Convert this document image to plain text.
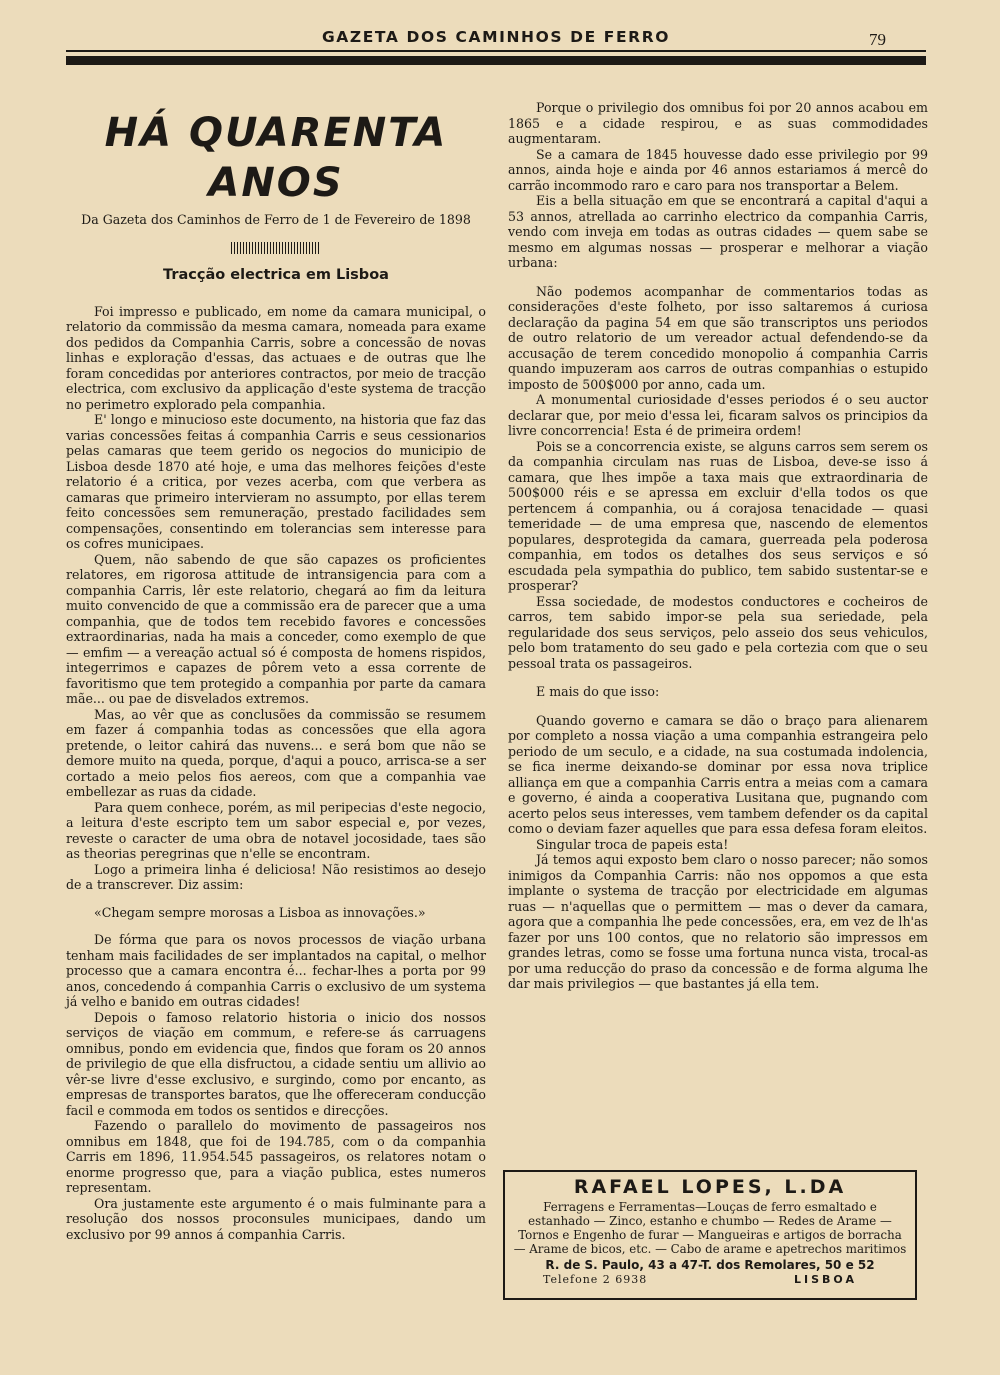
GAZETA DOS CAMINHOS DE FERRO	79
HÁ QUARENTA ANOS
Da Gazeta dos Caminhos de Ferro de 1 de Fevereiro de 1898
Tracção electrica em Lisboa

Foi impresso e publicado, em nome da camara municipal, o relatorio da commissão da mesma camara, nomeada para exame dos pedidos da Companhia Carris, sobre a concessão de novas linhas e exploração d'essas, das actuaes e de outras que lhe foram concedidas por anteriores contractos, por meio de tracção electrica, com exclusivo da applicação d'este systema de tracção no perimetro explorado pela companhia.

E' longo e minucioso este documento, na historia que faz das varias concessões feitas á companhia Carris e seus cessionarios pelas camaras que teem gerido os negocios do municipio de Lisboa desde 1870 até hoje, e uma das melhores feições d'este relatorio é a critica, por vezes acerba, com que verbera as camaras que primeiro intervieram no assumpto, por ellas terem feito concessões sem remuneração, prestado facilidades sem compensações, consentindo em tolerancias sem interesse para os cofres municipaes.

Quem, não sabendo de que são capazes os proficientes relatores, em rigorosa attitude de intransigencia para com a companhia Carris, lêr este relatorio, chegará ao fim da leitura muito convencido de que a commissão era de parecer que a uma companhia, que de todos tem recebido favores e concessões extraordinarias, nada ha mais a conceder, como exemplo de que — emfim — a vereação actual só é composta de homens rispidos, integerrimos e capazes de pôrem veto a essa corrente de favoritismo que tem protegido a companhia por parte da camara mãe... ou pae de disvelados extremos.

Mas, ao vêr que as conclusões da commissão se resumem em fazer á companhia todas as concessões que ella agora pretende, o leitor cahirá das nuvens... e será bom que não se demore muito na queda, porque, d'aqui a pouco, arrisca-se a ser cortado a meio pelos fios aereos, com que a companhia vae embellezar as ruas da cidade.

Para quem conhece, porém, as mil peripecias d'este negocio, a leitura d'este escripto tem um sabor especial e, por vezes, reveste o caracter de uma obra de notavel jocosidade, taes são as theorias peregrinas que n'elle se encontram.

Logo a primeira linha é deliciosa! Não resistimos ao desejo de a transcrever. Diz assim:

«Chegam sempre morosas a Lisboa as innovações.»

De fórma que para os novos processos de viação urbana tenham mais facilidades de ser implantados na capital, o melhor processo que a camara encontra é... fechar-lhes a porta por 99 anos, concedendo á companhia Carris o exclusivo de um systema já velho e banido em outras cidades!

Depois o famoso relatorio historia o inicio dos nossos serviços de viação em commum, e refere-se ás carruagens omnibus, pondo em evidencia que, findos que foram os 20 annos de privilegio de que ella disfructou, a cidade sentiu um allivio ao vêr-se livre d'esse exclusivo, e surgindo, como por encanto, as empresas de transportes baratos, que lhe offereceram conducção facil e commoda em todos os sentidos e direcções.

Fazendo o parallelo do movimento de passageiros nos omnibus em 1848, que foi de 194.785, com o da companhia Carris em 1896, 11.954.545 passageiros, os relatores notam o enorme progresso que, para a viação publica, estes numeros representam.

Ora justamente este argumento é o mais fulminante para a resolução dos nossos proconsules municipaes, dando um exclusivo por 99 annos á companhia Carris.

Porque o privilegio dos omnibus foi por 20 annos acabou em 1865 e a cidade respirou, e as suas commodidades augmentaram.

Se a camara de 1845 houvesse dado esse privilegio por 99 annos, ainda hoje e ainda por 46 annos estariamos á mercê do carrão incommodo raro e caro para nos transportar a Belem.

Eis a bella situação em que se encontrará a capital d'aqui a 53 annos, atrellada ao carrinho electrico da companhia Carris, vendo com inveja em todas as outras cidades — quem sabe se mesmo em algumas nossas — prosperar e melhorar a viação urbana:

Não podemos acompanhar de commentarios todas as considerações d'este folheto, por isso saltaremos á curiosa declaração da pagina 54 em que são transcriptos uns periodos de outro relatorio de um vereador actual defendendo-se da accusação de terem concedido monopolio á companhia Carris quando impuzeram aos carros de outras companhias o estupido imposto de 500$000 por anno, cada um.

A monumental curiosidade d'esses periodos é o seu auctor declarar que, por meio d'essa lei, ficaram salvos os principios da livre concorrencia! Esta é de primeira ordem!

Pois se a concorrencia existe, se alguns carros sem serem os da companhia circulam nas ruas de Lisboa, deve-se isso á camara, que lhes impõe a taxa mais que extraordinaria de 500$000 réis e se apressa em excluir d'ella todos os que pertencem á companhia, ou á corajosa tenacidade — quasi temeridade — de uma empresa que, nascendo de elementos populares, desprotegida da camara, guerreada pela poderosa companhia, em todos os detalhes dos seus serviços e só escudada pela sympathia do publico, tem sabido sustentar-se e prosperar?

Essa sociedade, de modestos conductores e cocheiros de carros, tem sabido impor-se pela sua seriedade, pela regularidade dos seus serviços, pelo asseio dos seus vehiculos, pelo bom tratamento do seu gado e pela cortezia com que o seu pessoal trata os passageiros.

E mais do que isso:

Quando governo e camara se dão o braço para alienarem por completo a nossa viação a uma companhia estrangeira pelo periodo de um seculo, e a cidade, na sua costumada indolencia, se fica inerme deixando-se dominar por essa nova triplice alliança em que a companhia Carris entra a meias com a camara e governo, é ainda a cooperativa Lusitana que, pugnando com acerto pelos seus interesses, vem tambem defender os da capital como o deviam fazer aquelles que para essa defesa foram eleitos.

Singular troca de papeis esta!

Já temos aqui exposto bem claro o nosso parecer; não somos inimigos da Companhia Carris: não nos oppomos a que esta implante o systema de tracção por electricidade em algumas ruas — n'aquellas que o permittem — mas o dever da camara, agora que a companhia lhe pede concessões, era, em vez de lh'as fazer por uns 100 contos, que no relatorio são impressos em grandes letras, como se fosse uma fortuna nunca vista, trocal-as por uma reducção do praso da concessão e de forma alguma lhe dar mais privilegios — que bastantes já ella tem.

RAFAEL LOPES, L.DA
Ferragens e Ferramentas—Louças de ferro esmaltado e estanhado — Zinco, estanho e chumbo — Redes de Arame — Tornos e Engenho de furar — Mangueiras e artigos de borracha — Arame de bicos, etc. — Cabo de arame e apetrechos maritimos
R. de S. Paulo, 43 a 47-T. dos Remolares, 50 e 52
Telefone 2 6938	LISBOA
